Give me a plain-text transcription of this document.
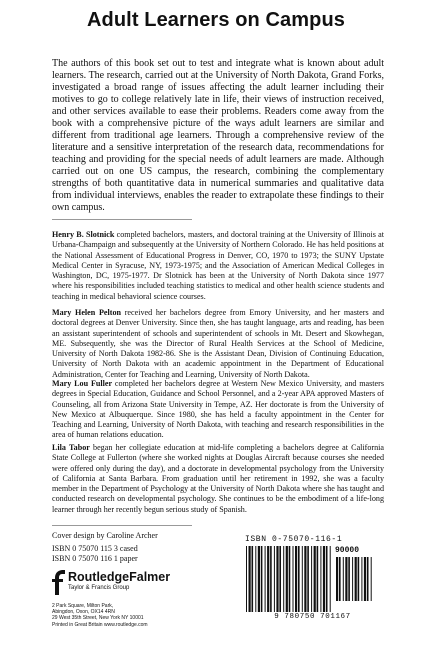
Adult Learners on Campus

The authors of this book set out to test and integrate what is known about adult learners. The research, carried out at the University of North Dakota, Grand Forks, investigated a broad range of issues affecting the adult learner including their motives to go to college relatively late in life, their views of instruction received, and other services available to ease their problems. Readers come away from the book with a comprehensive picture of the ways adult learners are similar and different from traditional age learners. Through a comprehensive review of the literature and a sensitive interpretation of the research data, recommendations for teaching and providing for the special needs of adult learners are made. Although carried out on one US campus, the research, combining the complementary strengths of both quantitative data in numerical summaries and qualitative data from individual interviews, enables the reader to extrapolate these findings to their own campus.

Henry B. Slotnick completed bachelors, masters, and doctoral training at the University of Illinois at Urbana-Champaign and subsequently at the University of Northern Colorado. He has held positions at the National Assessment of Educational Progress in Denver, CO, 1970 to 1973; the SUNY Upstate Medical Center in Syracuse, NY, 1973-1975; and the Association of American Medical Colleges in Washington, DC, 1975-1977. Dr Slotnick has been at the University of North Dakota since 1977 where his responsibilities included teaching statistics to medical and other health science students and teaching in medical behavioral science courses.

Mary Helen Pelton received her bachelors degree from Emory University, and her masters and doctoral degrees at Denver University. Since then, she has taught language, arts and reading, has been an assistant superintendent of schools and superintendent of schools in Mt. Desert and Skowhegan, ME. Subsequently, she was the Director of Rural Health Services at the School of Medicine, University of North Dakota 1982-86. She is the Assistant Dean, Division of Continuing Education, University of North Dakota with an academic appointment in the Department of Educational Administration, Center for Teaching and Learning, University of North Dakota.

Mary Lou Fuller completed her bachelors degree at Western New Mexico University, and masters degrees in Special Education, Guidance and School Personnel, and a 2-year APA approved Masters of Counseling, all from Arizona State University in Tempe, AZ. Her doctorate is from the University of New Mexico at Albuquerque. Since 1980, she has held a faculty appointment in the Center for Teaching and Learning, University of North Dakota, with teaching and research responsibilities in the area of human relations education.

Lila Tabor began her collegiate education at mid-life completing a bachelors degree at California State College at Fullerton (where she worked nights at Douglas Aircraft because courses she needed were offered only during the day), and a doctorate in developmental psychology from the University of California at Santa Barbara. From graduation until her retirement in 1992, she was a faculty member in the Department of Psychology at the University of North Dakota where she has taught and conducted research on developmental psychology. She continues to be the embodiment of a life-long learner through her recently begun serious study of Spanish.

Cover design by Caroline Archer
ISBN 0 75070 115 3 cased
ISBN 0 75070 116 1 paper
RoutledgeFalmer
Taylor & Francis Group
2 Park Square, Milton Park,
Abingdon, Oxon, OX14 4RN
29 West 35th Street, New York NY 10001
Printed in Great Britain www.routledge.com
ISBN 0-75070-116-1
90000
9 780750 701167
